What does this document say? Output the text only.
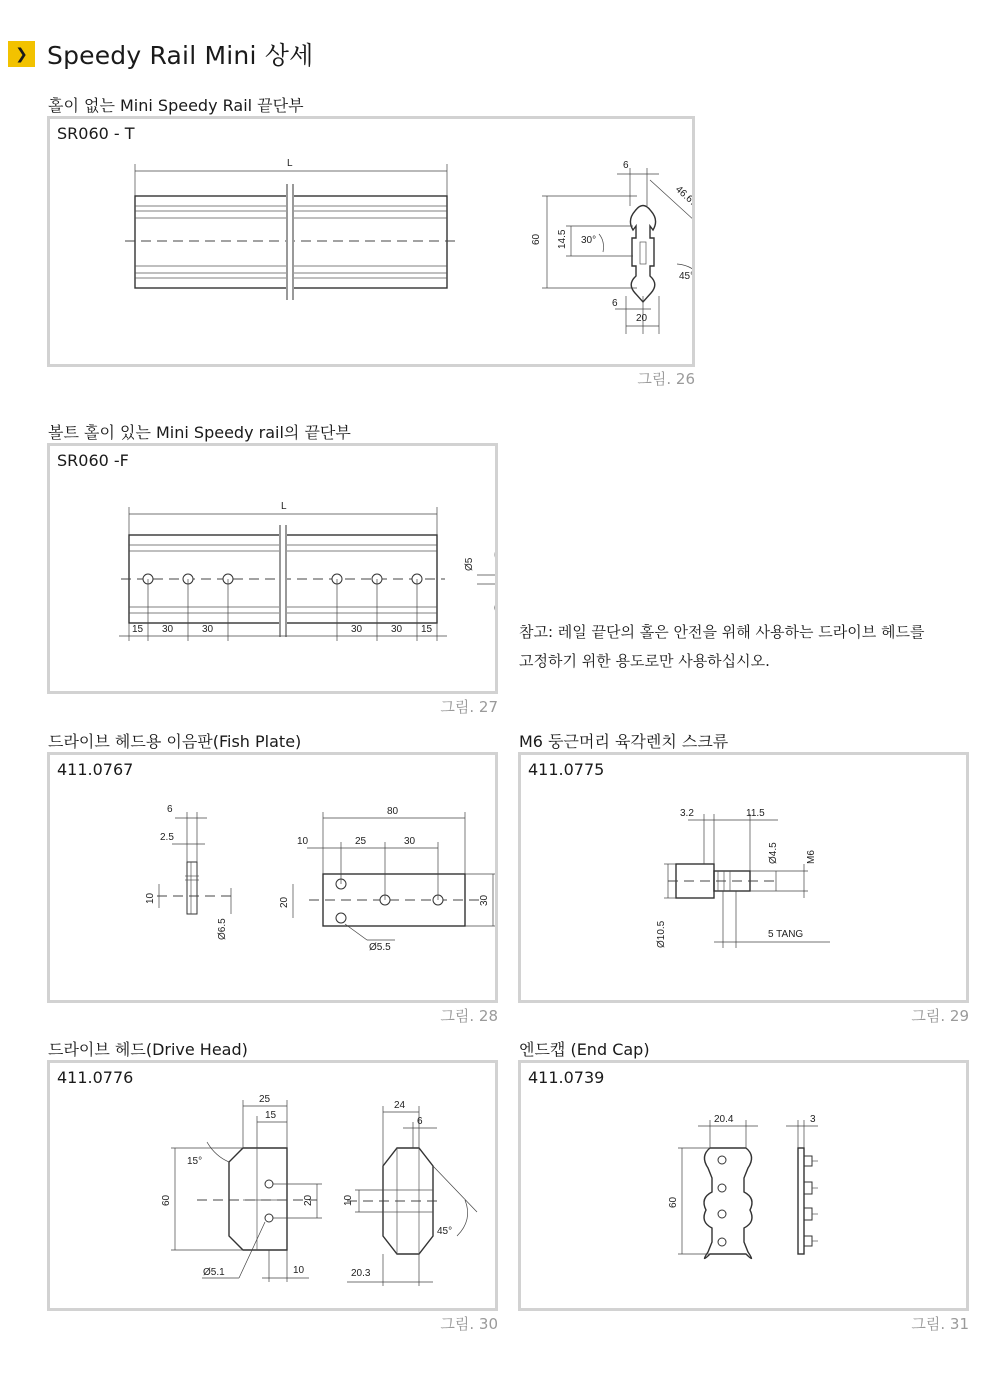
❯ Speedy Rail Mini 상세
홀이 없는 Mini Speedy Rail 끝단부
SR060 - T
L
60 14.5 30°
6
46.67
45°
6
20
그림. 26
볼트 홀이 있는 Mini Speedy rail의 끝단부
SR060 -F
L
15 30	30	30	30 15
Ø5
그림. 27
참고: 레일 끝단의 홀은 안전을 위해 사용하는 드라이브 헤드를
고정하기 위한 용도로만 사용하십시오.
드라이브 헤드용 이음판(Fish Plate)
411.0767
6
2.5
10
Ø6.5
80
10	25	30
20	30
Ø5.5
그림. 28
M6 둥근머리 육각렌치 스크류
411.0775
3.2	11.5
Ø4.5	M6
Ø10.5	5 TANG
그림. 29
드라이브 헤드(Drive Head)
411.0776
25
15
15°
60	20
Ø5.1	10
24
6
10
45°
20.3
그림. 30
엔드캡 (End Cap)
411.0739
20.4
60
3
그림. 31
